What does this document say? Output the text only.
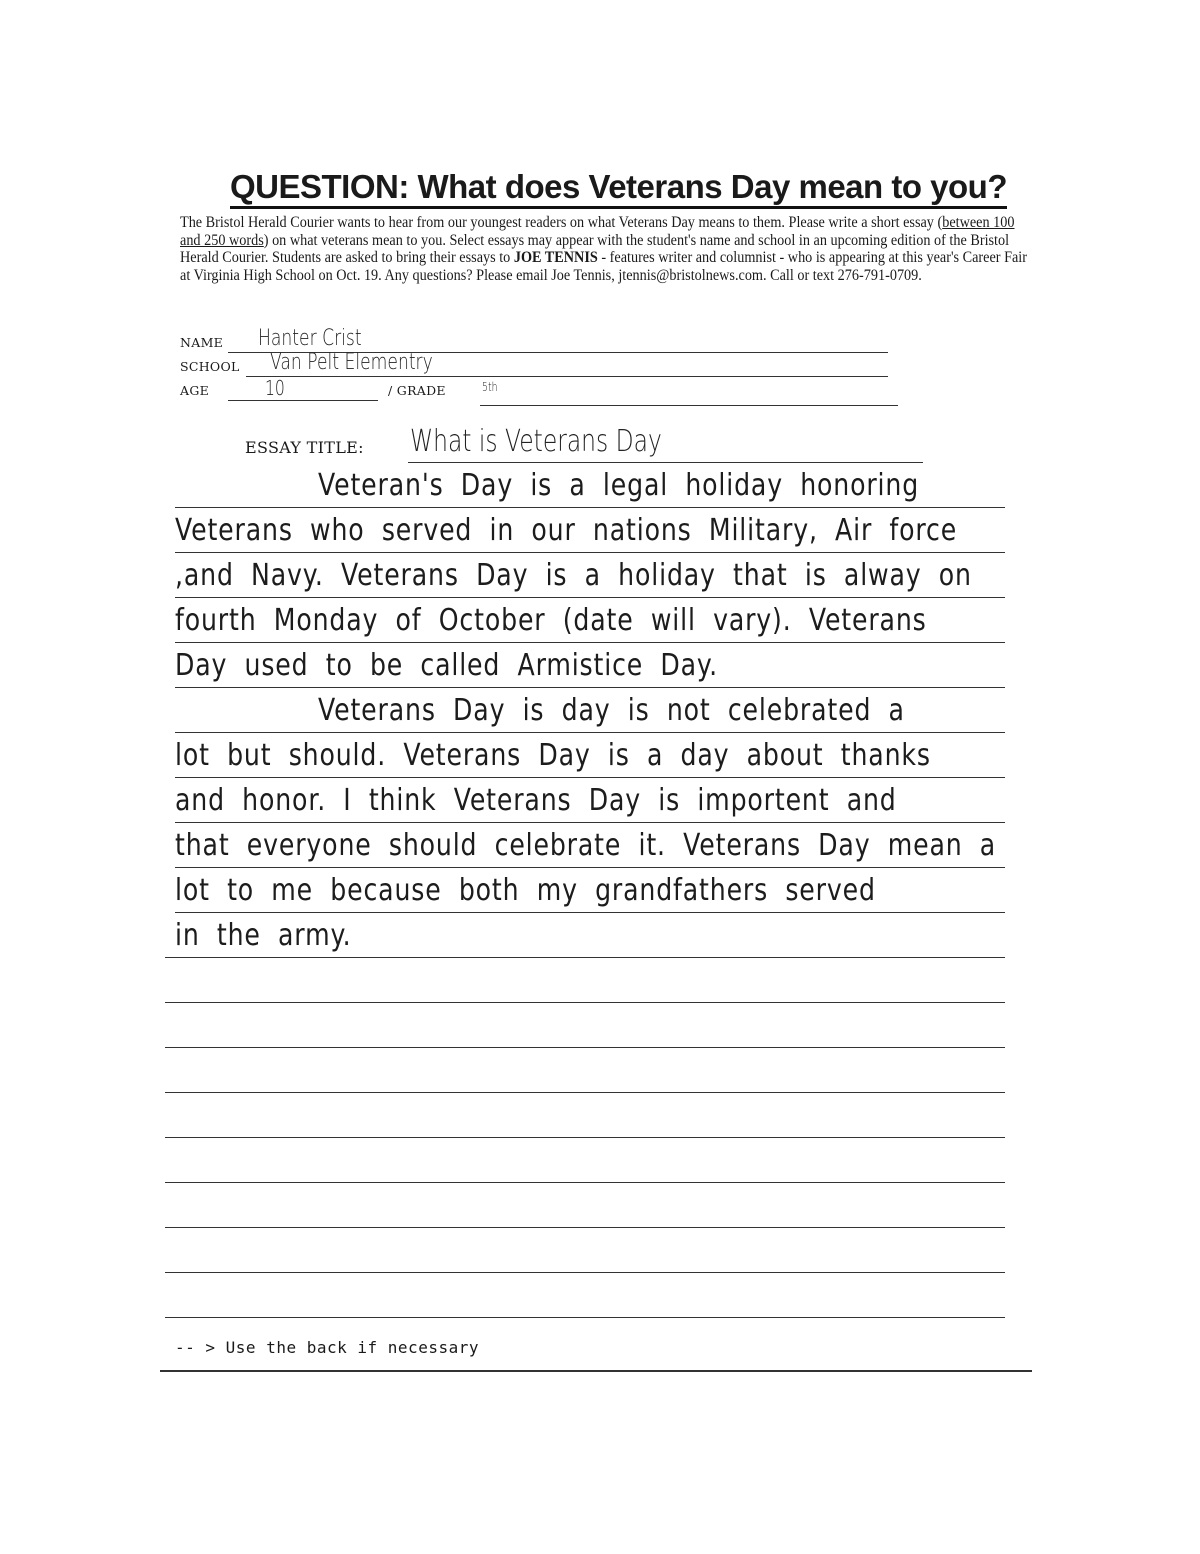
QUESTION: What does Veterans Day mean to you?
The Bristol Herald Courier wants to hear from our youngest readers on what Veterans Day means to them. Please write a short essay (between 100 and 250 words) on what veterans mean to you. Select essays may appear with the student's name and school in an upcoming edition of the Bristol Herald Courier. Students are asked to bring their essays to JOE TENNIS - features writer and columnist - who is appearing at this year's Career Fair at Virginia High School on Oct. 19. Any questions? Please email Joe Tennis, jtennis@bristolnews.com. Call or text 276-791-0709.
NAME Hanter Crist
SCHOOL Van Pelt Elementry
AGE	10	/ GRADE	5th
ESSAY TITLE: What is Veterans Day
Veteran's Day is a legal holiday honoring
Veterans who served in our nations Military, Air force
,and Navy. Veterans Day is a holiday that is alway on
fourth Monday of October (date will vary). Veterans
Day used to be called Armistice Day.
Veterans Day is day is not celebrated a
lot but should. Veterans Day is a day about thanks
and honor. I think Veterans Day is importent and
that everyone should celebrate it. Veterans Day mean a
lot to me because both my grandfathers served
in the army.
-- > Use the back if necessary
